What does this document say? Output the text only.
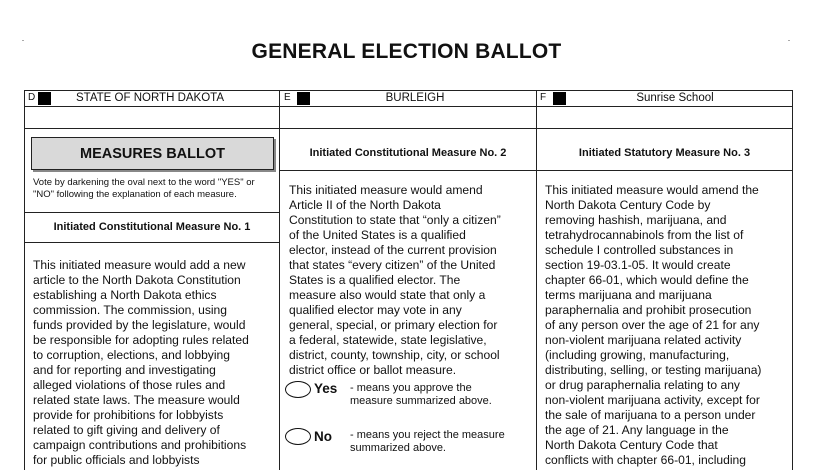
GENERAL ELECTION BALLOT
D	STATE OF NORTH DAKOTA	E	BURLEIGH	F	Sunrise School
MEASURES BALLOT
Vote by darkening the oval next to the word "YES" or "NO" following the explanation of each measure.
Initiated Constitutional Measure No. 1
This initiated measure would add a new
article to the North Dakota Constitution
establishing a North Dakota ethics
commission. The commission, using
funds provided by the legislature, would
be responsible for adopting rules related
to corruption, elections, and lobbying
and for reporting and investigating
alleged violations of those rules and
related state laws. The measure would
provide for prohibitions for lobbyists
related to gift giving and delivery of
campaign contributions and prohibitions
for public officials and lobbyists
Initiated Constitutional Measure No. 2
This initiated measure would amend
Article II of the North Dakota
Constitution to state that “only a citizen”
of the United States is a qualified
elector, instead of the current provision
that states “every citizen” of the United
States is a qualified elector. The
measure also would state that only a
qualified elector may vote in any
general, special, or primary election for
a federal, statewide, state legislative,
district, county, township, city, or school
district office or ballot measure.
Yes - means you approve the
measure summarized above.
No - means you reject the measure
summarized above.
Initiated Statutory Measure No. 3
This initiated measure would amend the
North Dakota Century Code by
removing hashish, marijuana, and
tetrahydrocannabinols from the list of
schedule I controlled substances in
section 19-03.1-05. It would create
chapter 66-01, which would define the
terms marijuana and marijuana
paraphernalia and prohibit prosecution
of any person over the age of 21 for any
non-violent marijuana related activity
(including growing, manufacturing,
distributing, selling, or testing marijuana)
or drug paraphernalia relating to any
non-violent marijuana activity, except for
the sale of marijuana to a person under
the age of 21. Any language in the
North Dakota Century Code that
conflicts with chapter 66-01, including
